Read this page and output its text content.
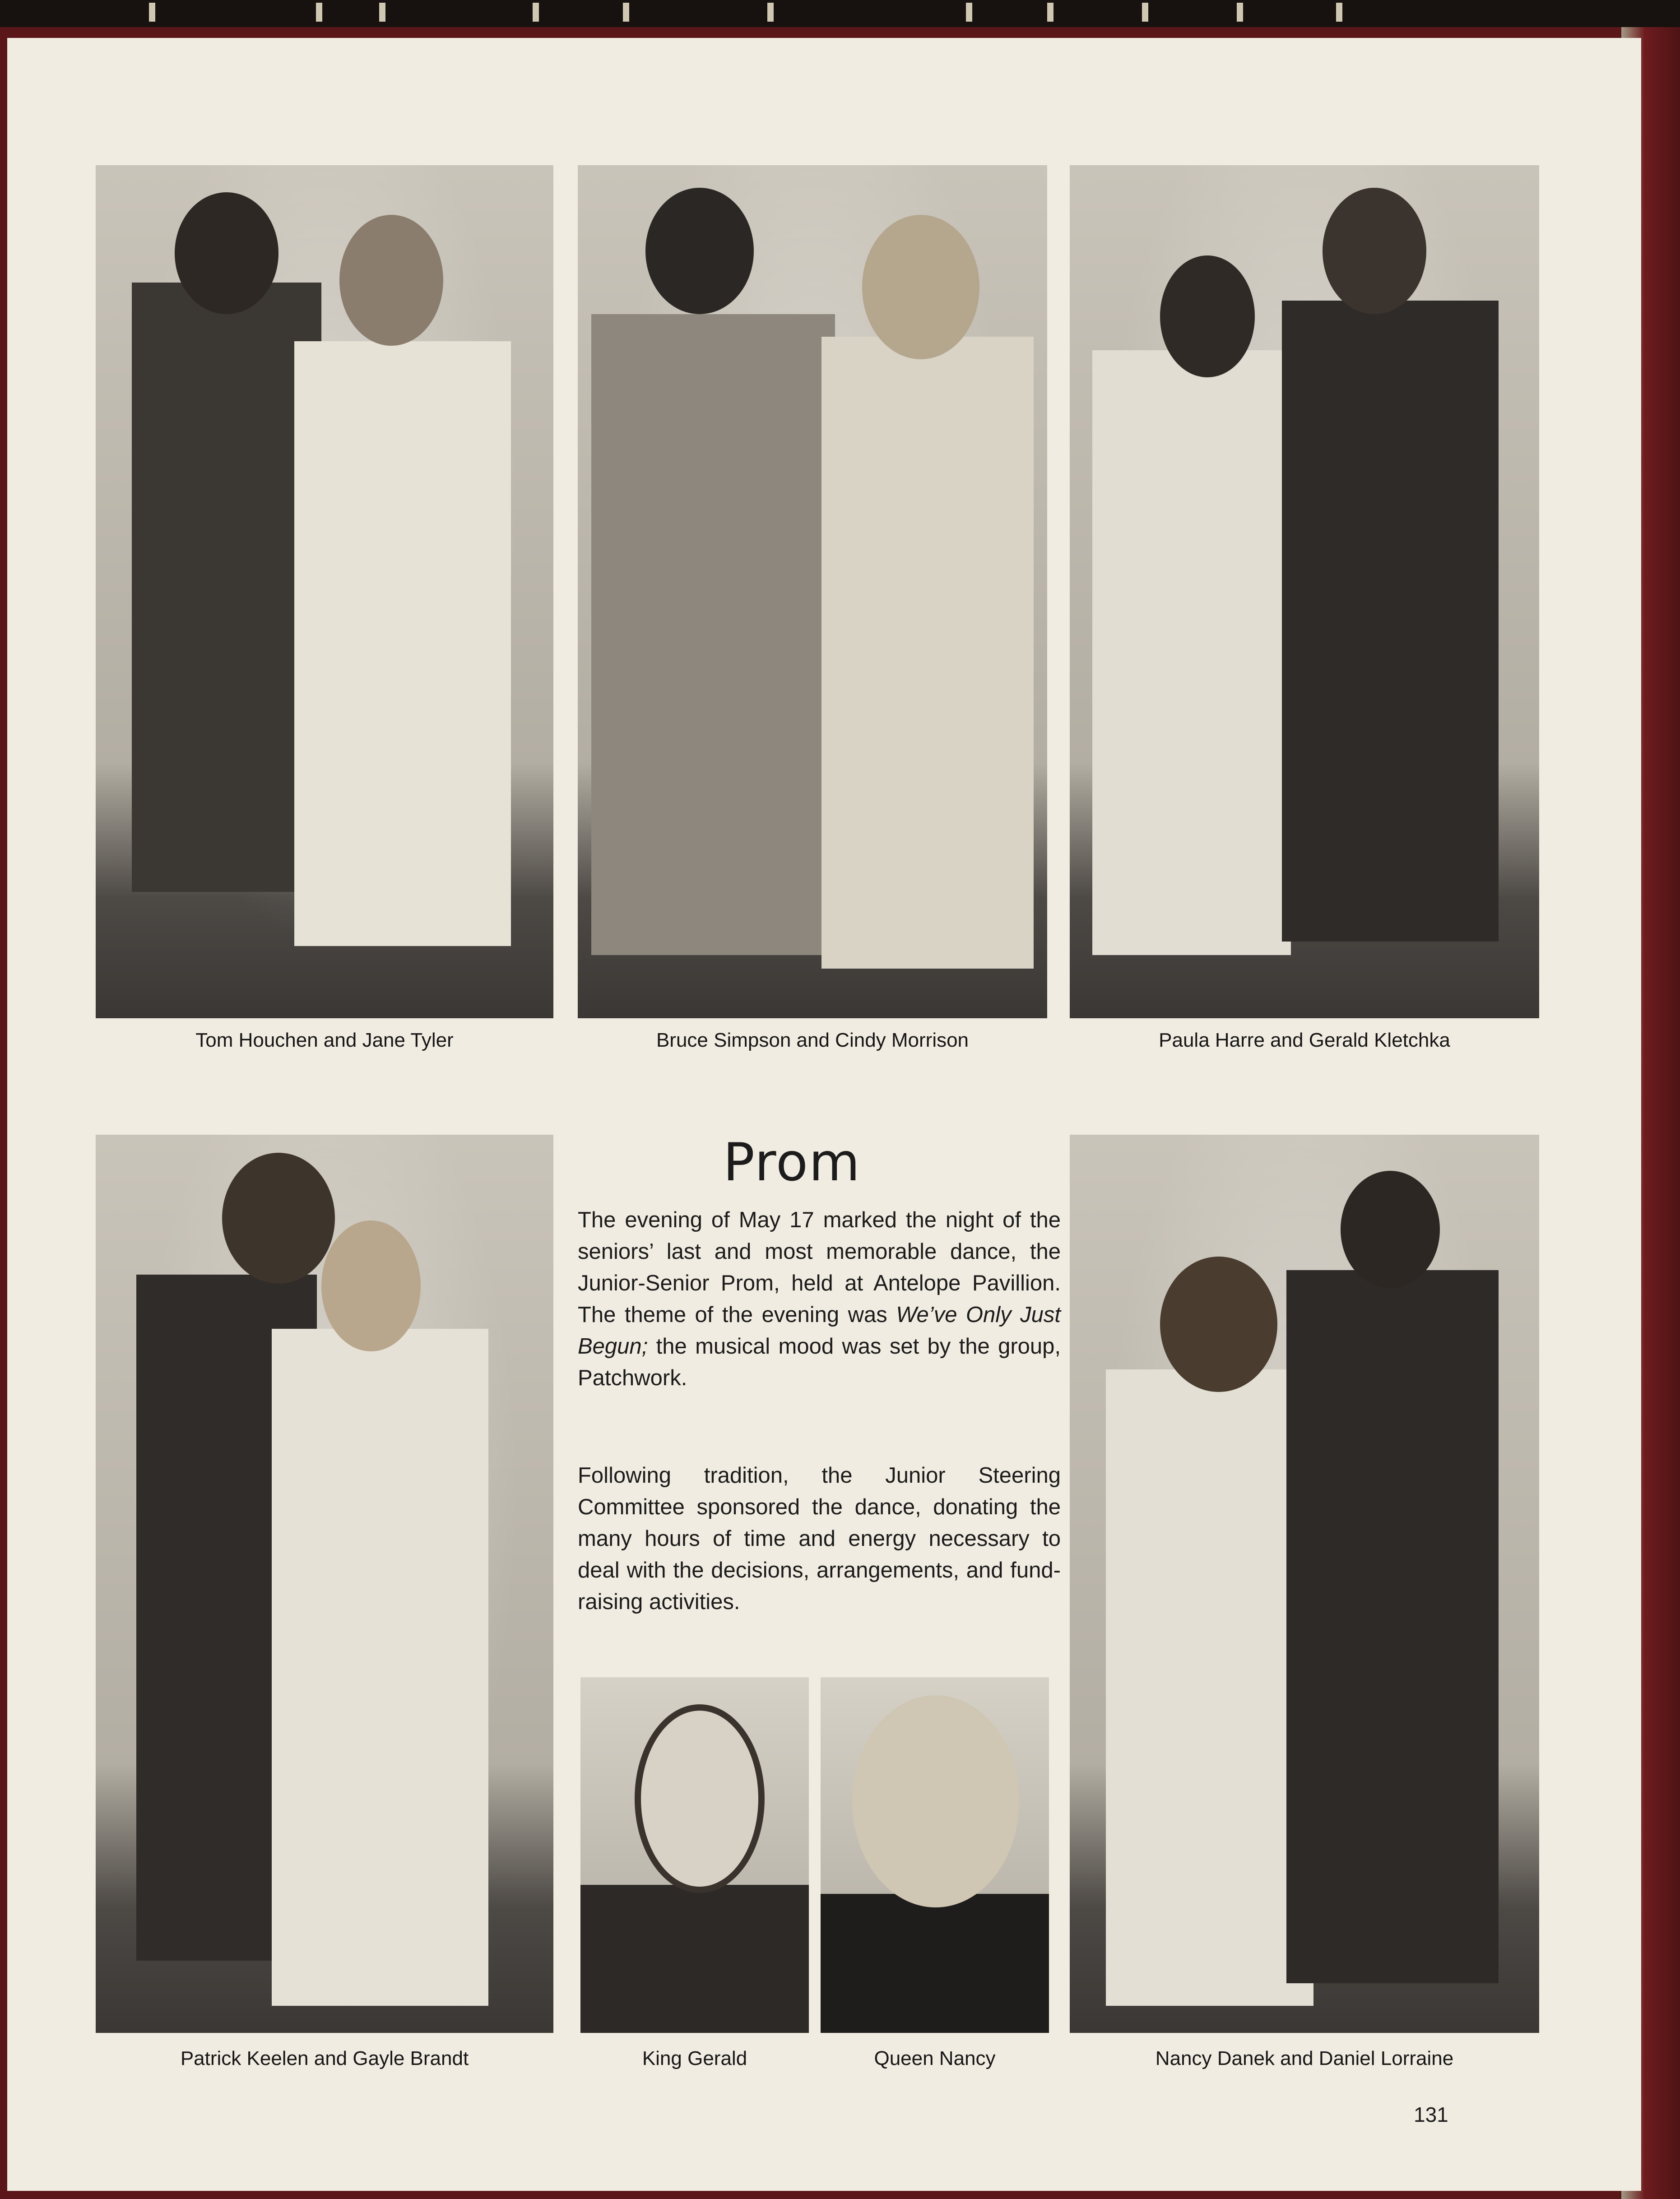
Tom Houchen and Jane Tyler	Bruce Simpson and Cindy Morrison	Paula Harre and Gerald Kletchka
Patrick Keelen and Gayle Brandt
Prom
The evening of May 17 marked the night of the seniors’ last and most memorable dance, the Junior-Senior Prom, held at Antelope Pavillion. The theme of the evening was We’ve Only Just Begun; the musical mood was set by the group, Patchwork.
Following tradition, the Junior Steering Committee sponsored the dance, donating the many hours of time and energy necessary to deal with the decisions, arrangements, and fund-raising activities.
King Gerald	Queen Nancy	Nancy Danek and Daniel Lorraine
131
